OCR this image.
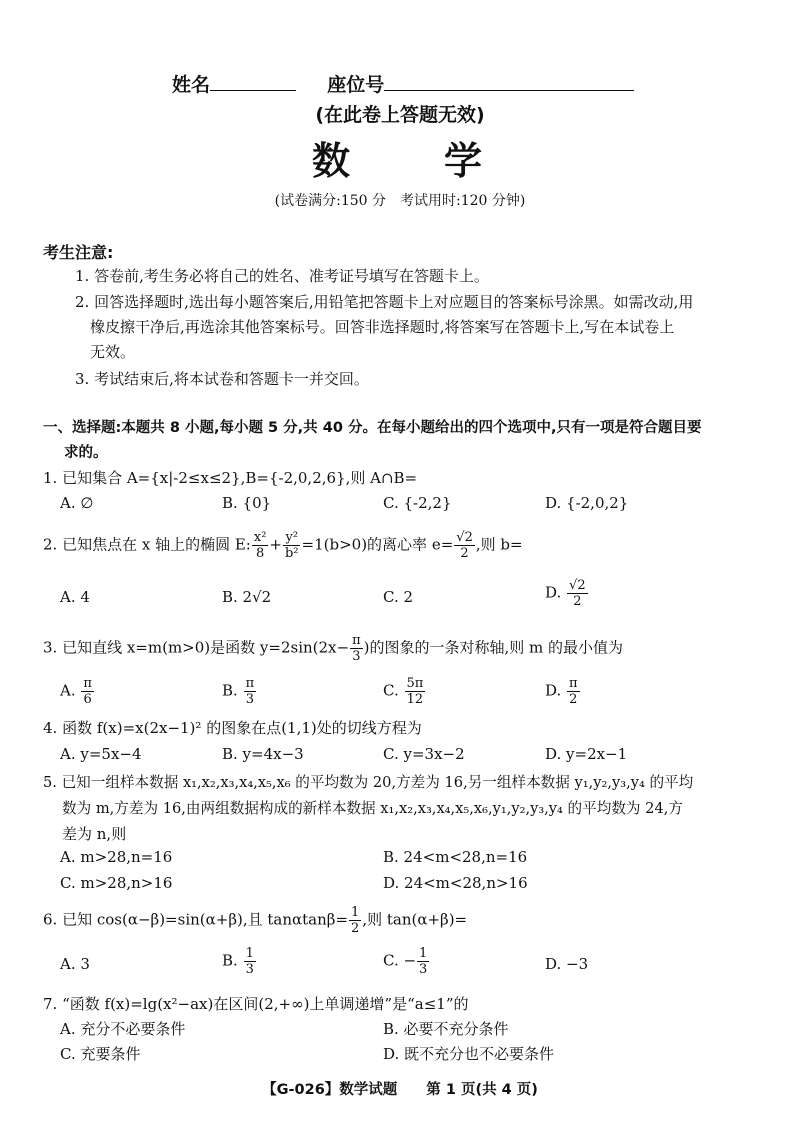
姓名	座位号
(在此卷上答题无效)
数　　学
(试卷满分:150 分　考试用时:120 分钟)
考生注意:
1. 答卷前,考生务必将自己的姓名、准考证号填写在答题卡上。
2. 回答选择题时,选出每小题答案后,用铅笔把答题卡上对应题目的答案标号涂黑。如需改动,用
橡皮擦干净后,再选涂其他答案标号。回答非选择题时,将答案写在答题卡上,写在本试卷上
无效。
3. 考试结束后,将本试卷和答题卡一并交回。
一、选择题:本题共 8 小题,每小题 5 分,共 40 分。在每小题给出的四个选项中,只有一项是符合题目要
求的。
1. 已知集合 A={x|-2≤x≤2},B={-2,0,2,6},则 A∩B=
A. ∅	B. {0}	C. {-2,2}	D. {-2,0,2}
2. 已知焦点在 x 轴上的椭圆 E: $\frac{\text{x²}}{8} + \frac{\text{y²}}{\text{b²}} =1(b>0)$的离心率 $e= \frac{√2}{2}$ ,则 b=
A. 4	B. 2√2	C. 2	D. $\frac{√2}{2}$
3. 已知直线 x=m(m>0)是函数 $y=2\sin(2x- \frac{\pi}{3}$ )的图象的一条对称轴,则 m 的最小值为
A. $\frac{\pi}{6}$	B. $\frac{\pi}{3}$	C. $\frac{5\pi}{12}$	D. $\frac{\pi}{2}$
4. 函数 f(x)=x(2x−1)² 的图象在点(1,1)处的切线方程为
A. y=5x−4	B. y=4x−3	C. y=3x−2	D. y=2x−1
5. 已知一组样本数据 x₁,x₂,x₃,x₄,x₅,x₆ 的平均数为 20,方差为 16,另一组样本数据 y₁,y₂,y₃,y₄ 的平均
数为 m,方差为 16,由两组数据构成的新样本数据 x₁,x₂,x₃,x₄,x₅,x₆,y₁,y₂,y₃,y₄ 的平均数为 24,方
差为 n,则
A. m>28,n=16	B. 24<m<28,n=16
C. m>28,n>16	D. 24<m<28,n>16
6. 已知 cos(α−β)=sin(α+β),且 $\tan\alpha\tan\beta= \frac{1}{2}$ ,则 tan(α+β)=
A. 3	B. $\frac{1}{3}$	C. − $\frac{1}{3}$	D. −3
7. “函数 f(x)=lg(x²−ax)在区间(2,+∞)上单调递增”是“a≤1”的
A. 充分不必要条件	B. 必要不充分条件
C. 充要条件	D. 既不充分也不必要条件
【G-026】数学试题　　第 1 页(共 4 页)
